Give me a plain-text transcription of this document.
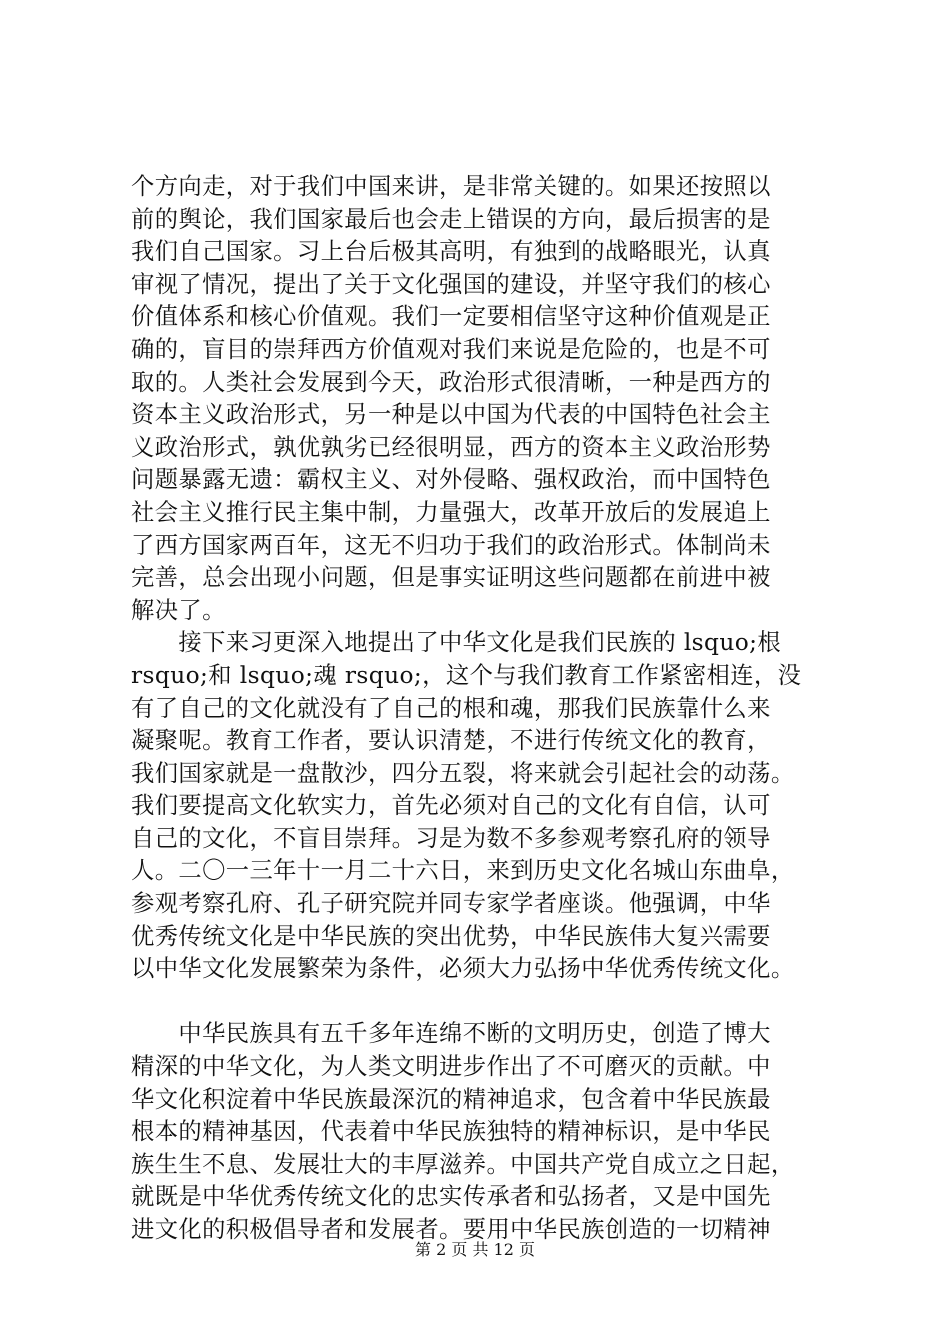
个方向走，对于我们中国来讲，是非常关键的。如果还按照以
前的舆论，我们国家最后也会走上错误的方向，最后损害的是
我们自己国家。习上台后极其高明，有独到的战略眼光，认真
审视了情况，提出了关于文化强国的建设，并坚守我们的核心
价值体系和核心价值观。我们一定要相信坚守这种价值观是正
确的，盲目的崇拜西方价值观对我们来说是危险的，也是不可
取的。人类社会发展到今天，政治形式很清晰，一种是西方的
资本主义政治形式，另一种是以中国为代表的中国特色社会主
义政治形式，孰优孰劣已经很明显，西方的资本主义政治形势
问题暴露无遗：霸权主义、对外侵略、强权政治，而中国特色
社会主义推行民主集中制，力量强大，改革开放后的发展追上
了西方国家两百年，这无不归功于我们的政治形式。体制尚未
完善，总会出现小问题，但是事实证明这些问题都在前进中被
解决了。
　　接下来习更深入地提出了中华文化是我们民族的 lsquo;根
rsquo;和 lsquo;魂 rsquo;，这个与我们教育工作紧密相连，没
有了自己的文化就没有了自己的根和魂，那我们民族靠什么来
凝聚呢。教育工作者，要认识清楚，不进行传统文化的教育，
我们国家就是一盘散沙，四分五裂，将来就会引起社会的动荡。
我们要提高文化软实力，首先必须对自己的文化有自信，认可
自己的文化，不盲目崇拜。习是为数不多参观考察孔府的领导
人。二〇一三年十一月二十六日，来到历史文化名城山东曲阜，
参观考察孔府、孔子研究院并同专家学者座谈。他强调，中华
优秀传统文化是中华民族的突出优势，中华民族伟大复兴需要
以中华文化发展繁荣为条件，必须大力弘扬中华优秀传统文化。
　　中华民族具有五千多年连绵不断的文明历史，创造了博大
精深的中华文化，为人类文明进步作出了不可磨灭的贡献。中
华文化积淀着中华民族最深沉的精神追求，包含着中华民族最
根本的精神基因，代表着中华民族独特的精神标识，是中华民
族生生不息、发展壮大的丰厚滋养。中国共产党自成立之日起，
就既是中华优秀传统文化的忠实传承者和弘扬者，又是中国先
进文化的积极倡导者和发展者。要用中华民族创造的一切精神
第 2 页 共 12 页
